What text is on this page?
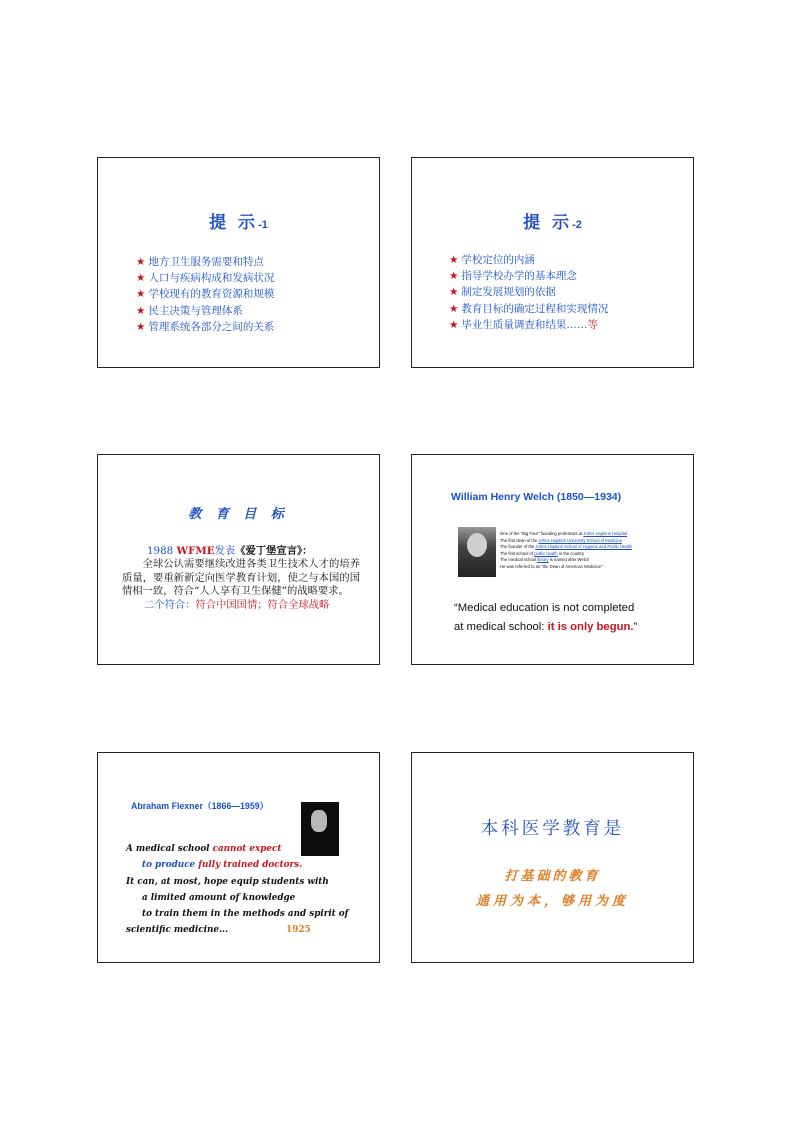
提 示-1
★ 地方卫生服务需要和特点
★ 人口与疾病构成和发病状况
★ 学校现有的教育资源和规模
★ 民主决策与管理体系
★ 管理系统各部分之间的关系
提 示-2
★ 学校定位的内涵
★ 指导学校办学的基本理念
★ 制定发展规划的依据
★ 教育目标的确定过程和实现情况
★ 毕业生质量调查和结果……等
教 育 目 标
1988 WFME发表《爱丁堡宣言》：
全球公认需要继续改进各类卫生技术人才的培养质量，要重新新定向医学教育计划，使之与本国的国情相一致，符合“人人享有卫生保健”的战略要求。
二个符合：符合中国国情；符合全球战略
William Henry Welch (1850—1934)
One of the "Big Four" founding professors at Johns Hopkins Hospital
The first dean of the Johns Hopkins University School of Medicine
The founder of the Johns Hopkins School of Hygiene and Public Health
The first school of public health in the country
The medical school library is named after Welch
He was referred to as "the Dean of American Medicine"
“Medical education is not completed
at medical school: it is only begun.”
Abraham Flexner（1866—1959）
A medical school cannot expect
to produce fully trained doctors.
It can, at most, hope equip students with
a limited amount of knowledge
to train them in the methods and spirit of
scientific medicine...	1925
本科医学教育是
打基础的教育
通用为本，够用为度
